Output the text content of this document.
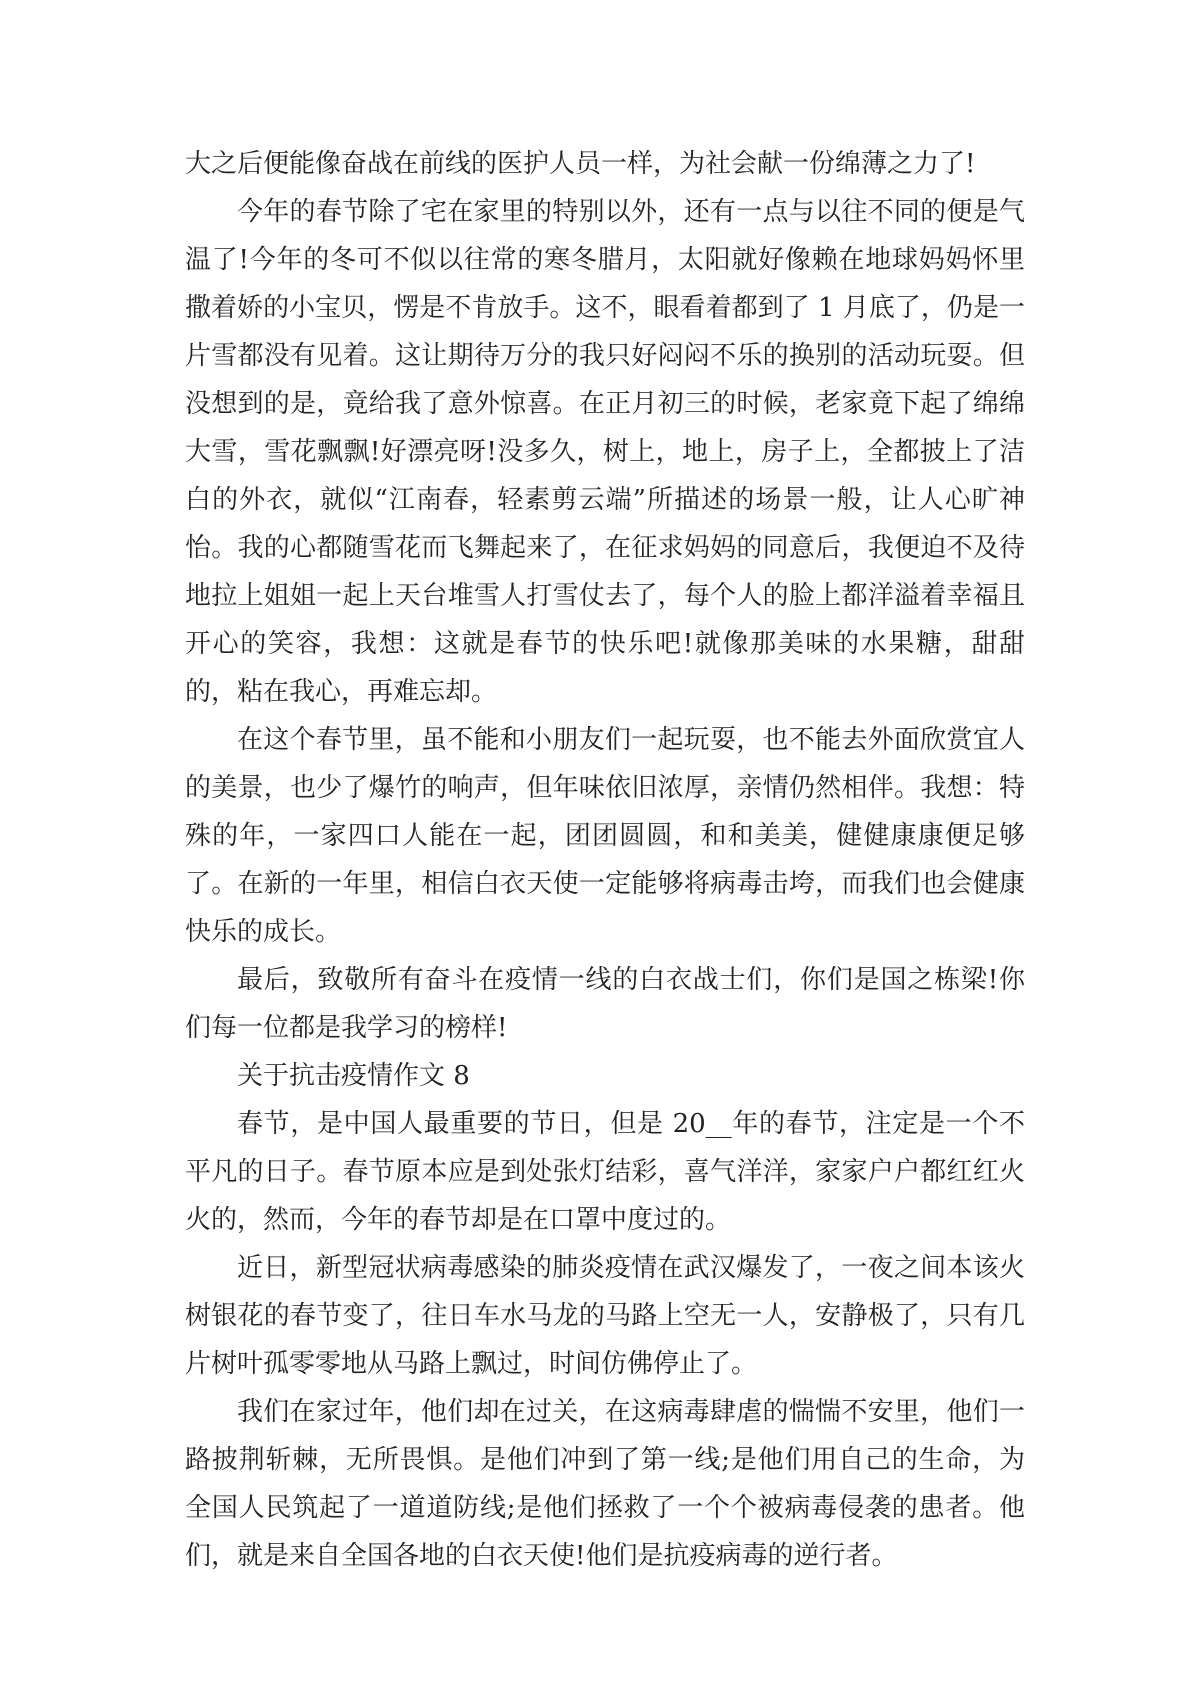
大之后便能像奋战在前线的医护人员一样，为社会献一份绵薄之力了!

今年的春节除了宅在家里的特别以外，还有一点与以往不同的便是气温了!今年的冬可不似以往常的寒冬腊月，太阳就好像赖在地球妈妈怀里撒着娇的小宝贝，愣是不肯放手。这不，眼看着都到了 1 月底了，仍是一片雪都没有见着。这让期待万分的我只好闷闷不乐的换别的活动玩耍。但没想到的是，竟给我了意外惊喜。在正月初三的时候，老家竟下起了绵绵大雪，雪花飘飘!好漂亮呀!没多久，树上，地上，房子上，全都披上了洁白的外衣，就似“江南春，轻素剪云端”所描述的场景一般，让人心旷神怡。我的心都随雪花而飞舞起来了，在征求妈妈的同意后，我便迫不及待地拉上姐姐一起上天台堆雪人打雪仗去了，每个人的脸上都洋溢着幸福且开心的笑容，我想：这就是春节的快乐吧!就像那美味的水果糖，甜甜的，粘在我心，再难忘却。

在这个春节里，虽不能和小朋友们一起玩耍，也不能去外面欣赏宜人的美景，也少了爆竹的响声，但年味依旧浓厚，亲情仍然相伴。我想：特殊的年，一家四口人能在一起，团团圆圆，和和美美，健健康康便足够了。在新的一年里，相信白衣天使一定能够将病毒击垮，而我们也会健康快乐的成长。

最后，致敬所有奋斗在疫情一线的白衣战士们，你们是国之栋梁!你们每一位都是我学习的榜样!

关于抗击疫情作文 8

春节，是中国人最重要的节日，但是 20__年的春节，注定是一个不平凡的日子。春节原本应是到处张灯结彩，喜气洋洋，家家户户都红红火火的，然而，今年的春节却是在口罩中度过的。

近日，新型冠状病毒感染的肺炎疫情在武汉爆发了，一夜之间本该火树银花的春节变了，往日车水马龙的马路上空无一人，安静极了，只有几片树叶孤零零地从马路上飘过，时间仿佛停止了。

我们在家过年，他们却在过关，在这病毒肆虐的惴惴不安里，他们一路披荆斩棘，无所畏惧。是他们冲到了第一线;是他们用自己的生命，为全国人民筑起了一道道防线;是他们拯救了一个个被病毒侵袭的患者。他们，就是来自全国各地的白衣天使!他们是抗疫病毒的逆行者。
